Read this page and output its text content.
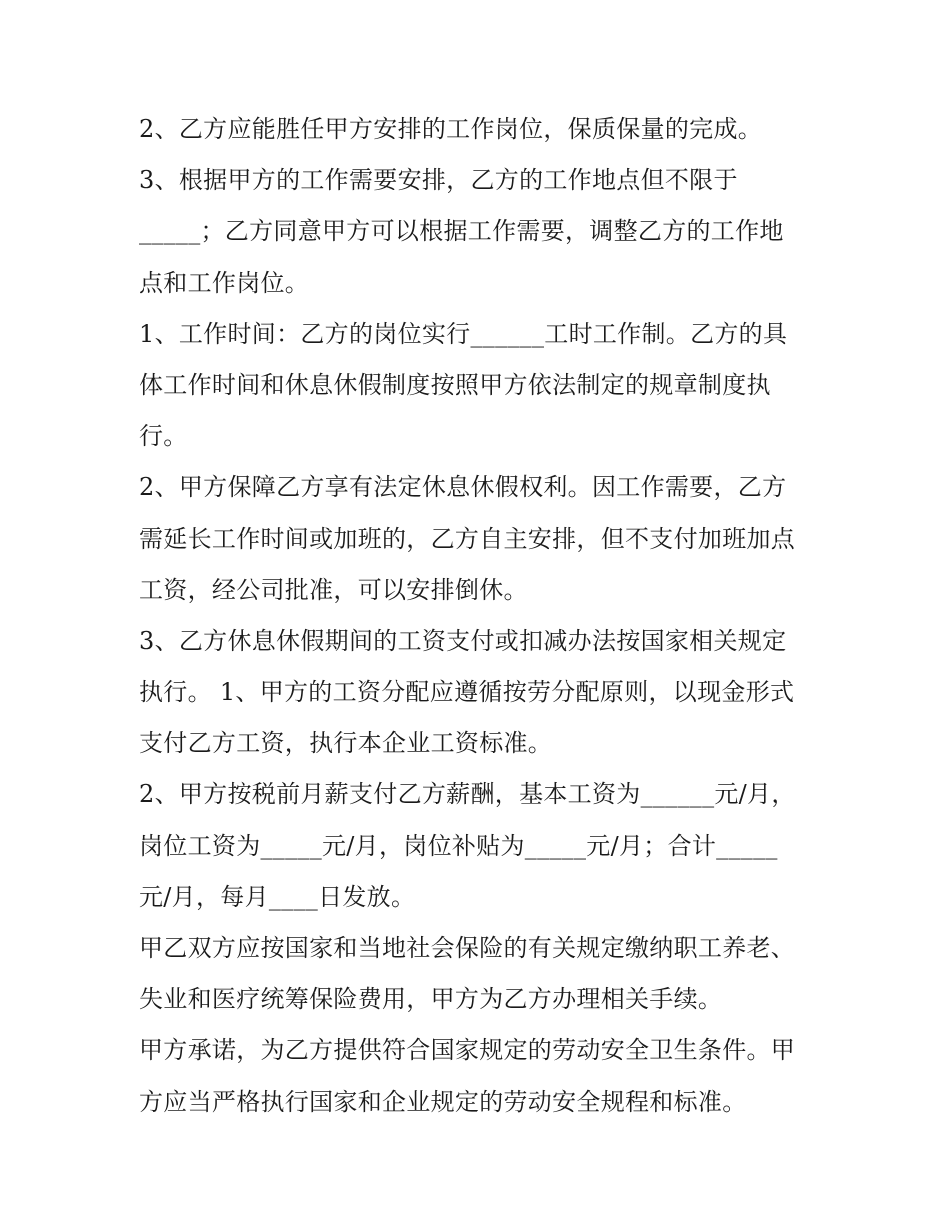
2、乙方应能胜任甲方安排的工作岗位，保质保量的完成。
3、根据甲方的工作需要安排，乙方的工作地点但不限于
_____；乙方同意甲方可以根据工作需要，调整乙方的工作地
点和工作岗位。
1、工作时间：乙方的岗位实行______工时工作制。乙方的具
体工作时间和休息休假制度按照甲方依法制定的规章制度执
行。
2、甲方保障乙方享有法定休息休假权利。因工作需要，乙方
需延长工作时间或加班的，乙方自主安排，但不支付加班加点
工资，经公司批准，可以安排倒休。
3、乙方休息休假期间的工资支付或扣减办法按国家相关规定
执行。 1、甲方的工资分配应遵循按劳分配原则，以现金形式
支付乙方工资，执行本企业工资标准。
2、甲方按税前月薪支付乙方薪酬，基本工资为______元/月，
岗位工资为_____元/月，岗位补贴为_____元/月；合计_____
元/月，每月____日发放。
甲乙双方应按国家和当地社会保险的有关规定缴纳职工养老、
失业和医疗统筹保险费用，甲方为乙方办理相关手续。
甲方承诺，为乙方提供符合国家规定的劳动安全卫生条件。甲
方应当严格执行国家和企业规定的劳动安全规程和标准。
